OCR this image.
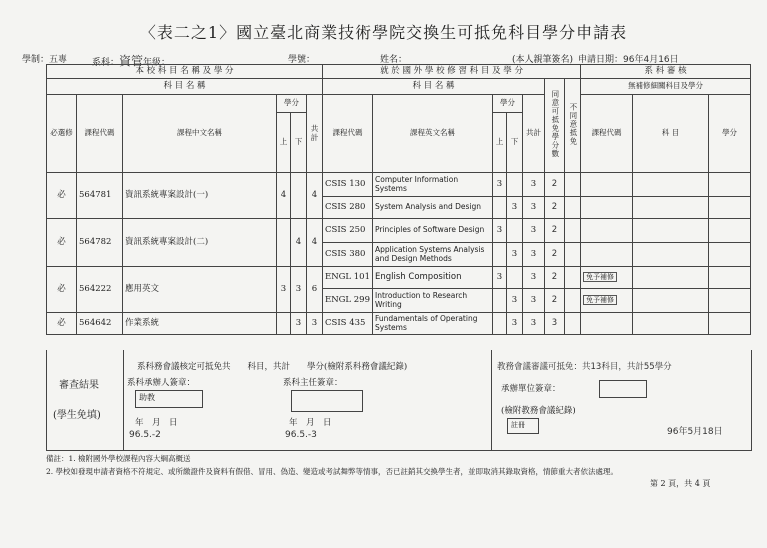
〈表二之1〉國立臺北商業技術學院交換生可抵免科目學分申請表
學制：五專	系科：資管年級：	學號：	姓名：	(本人親筆簽名) 申請日期：96年4月16日
本 校 科 目 名 稱 及 學 分						就 於 國 外 學 校 修 習 科 目 及 學 分							系 科 審 核		
科 目 名 稱						科 目 名 稱					同意可抵免學分數	不同意抵免	無補修細關科目及學分		
必選修	課程代碼	課程中文名稱	學分		共計	課程代碼	課程英文名稱	學分		共計			課程代碼	科 目	學分
			上	下				上	下						
必	564781	資訊系統專案設計(一)	4		4	CSIS 130	Computer Information Systems	3		3	2				
						CSIS 280	System Analysis and Design		3	3	2				
必	564782	資訊系統專案設計(二)		4	4	CSIS 250	Principles of Software Design	3		3	2				
						CSIS 380	Application Systems Analysis and Design Methods		3	3	2				
必	564222	應用英文	3	3	6	ENGL 101	English Composition	3		3	2		免予補修		
						ENGL 299	Introduction to Research Writing		3	3	2		免予補修		
必	564642	作業系統		3	3	CSIS 435	Fundamentals of Operating Systems		3	3	3				
審查結果
(學生免填)
系科務會議核定可抵免共　　科目，共計　　學分(檢附系科務會議紀錄)
系科承辦人簽章：
助教
年　月　日
96.5.-2
系科主任簽章：
年　月　日
96.5.-3
教務會議審議可抵免：共13科目，共計55學分
承辦單位簽章：
(檢附教務會議紀錄)
註冊
96年5月18日
備註：1. 檢附國外學校課程內容大綱高概送
2. 學校如發現申請者資格不符規定、或所繳證件及資料有假借、冒用、偽造、變造或考試舞弊等情事，否已註銷其交換學生者，並即取消其錄取資格，情節重大者依法處理。
第 2 頁，共 4 頁
